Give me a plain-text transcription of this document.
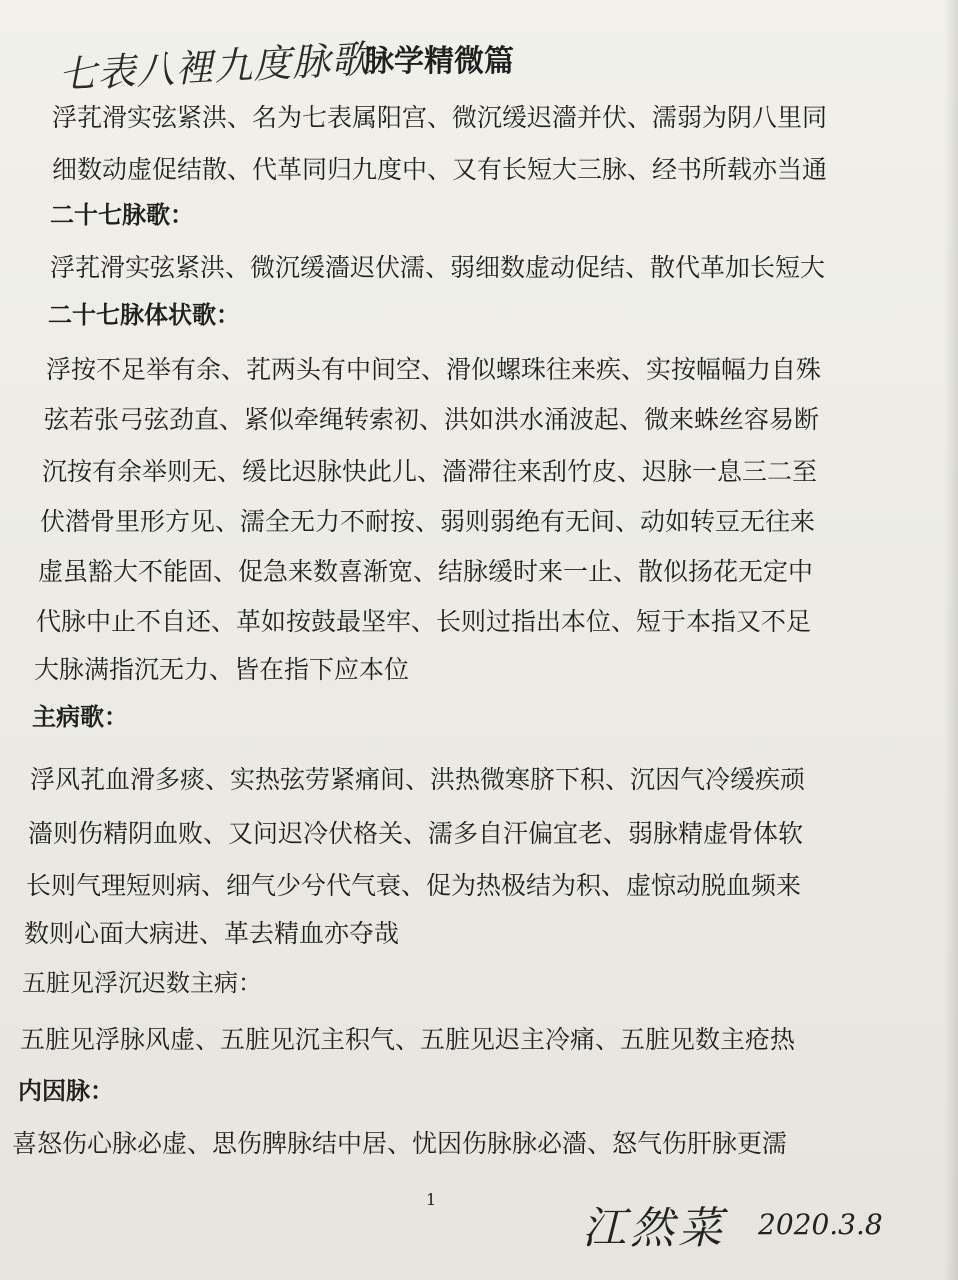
七表八裡九度脉歌
脉学精微篇
浮芤滑实弦紧洪、名为七表属阳宫、微沉缓迟濇并伏、濡弱为阴八里同
细数动虚促结散、代革同归九度中、又有长短大三脉、经书所载亦当通
二十七脉歌：
浮芤滑实弦紧洪、微沉缓濇迟伏濡、弱细数虚动促结、散代革加长短大
二十七脉体状歌：
浮按不足举有余、芤两头有中间空、滑似螺珠往来疾、实按幅幅力自殊
弦若张弓弦劲直、紧似牵绳转索初、洪如洪水涌波起、微来蛛丝容易断
沉按有余举则无、缓比迟脉快此儿、濇滞往来刮竹皮、迟脉一息三二至
伏潜骨里形方见、濡全无力不耐按、弱则弱绝有无间、动如转豆无往来
虚虽豁大不能固、促急来数喜渐宽、结脉缓时来一止、散似扬花无定中
代脉中止不自还、革如按鼓最坚牢、长则过指出本位、短于本指又不足
大脉满指沉无力、皆在指下应本位
主病歌：
浮风芤血滑多痰、实热弦劳紧痛间、洪热微寒脐下积、沉因气冷缓疾顽
濇则伤精阴血败、又问迟冷伏格关、濡多自汗偏宜老、弱脉精虚骨体软
长则气理短则病、细气少兮代气衰、促为热极结为积、虚惊动脱血频来
数则心面大病进、革去精血亦夺哉
五脏见浮沉迟数主病：
五脏见浮脉风虚、五脏见沉主积气、五脏见迟主冷痛、五脏见数主疮热
内因脉：
喜怒伤心脉必虚、思伤脾脉结中居、忧因伤脉脉必濇、怒气伤肝脉更濡
1
江然菜 2020.3.8
